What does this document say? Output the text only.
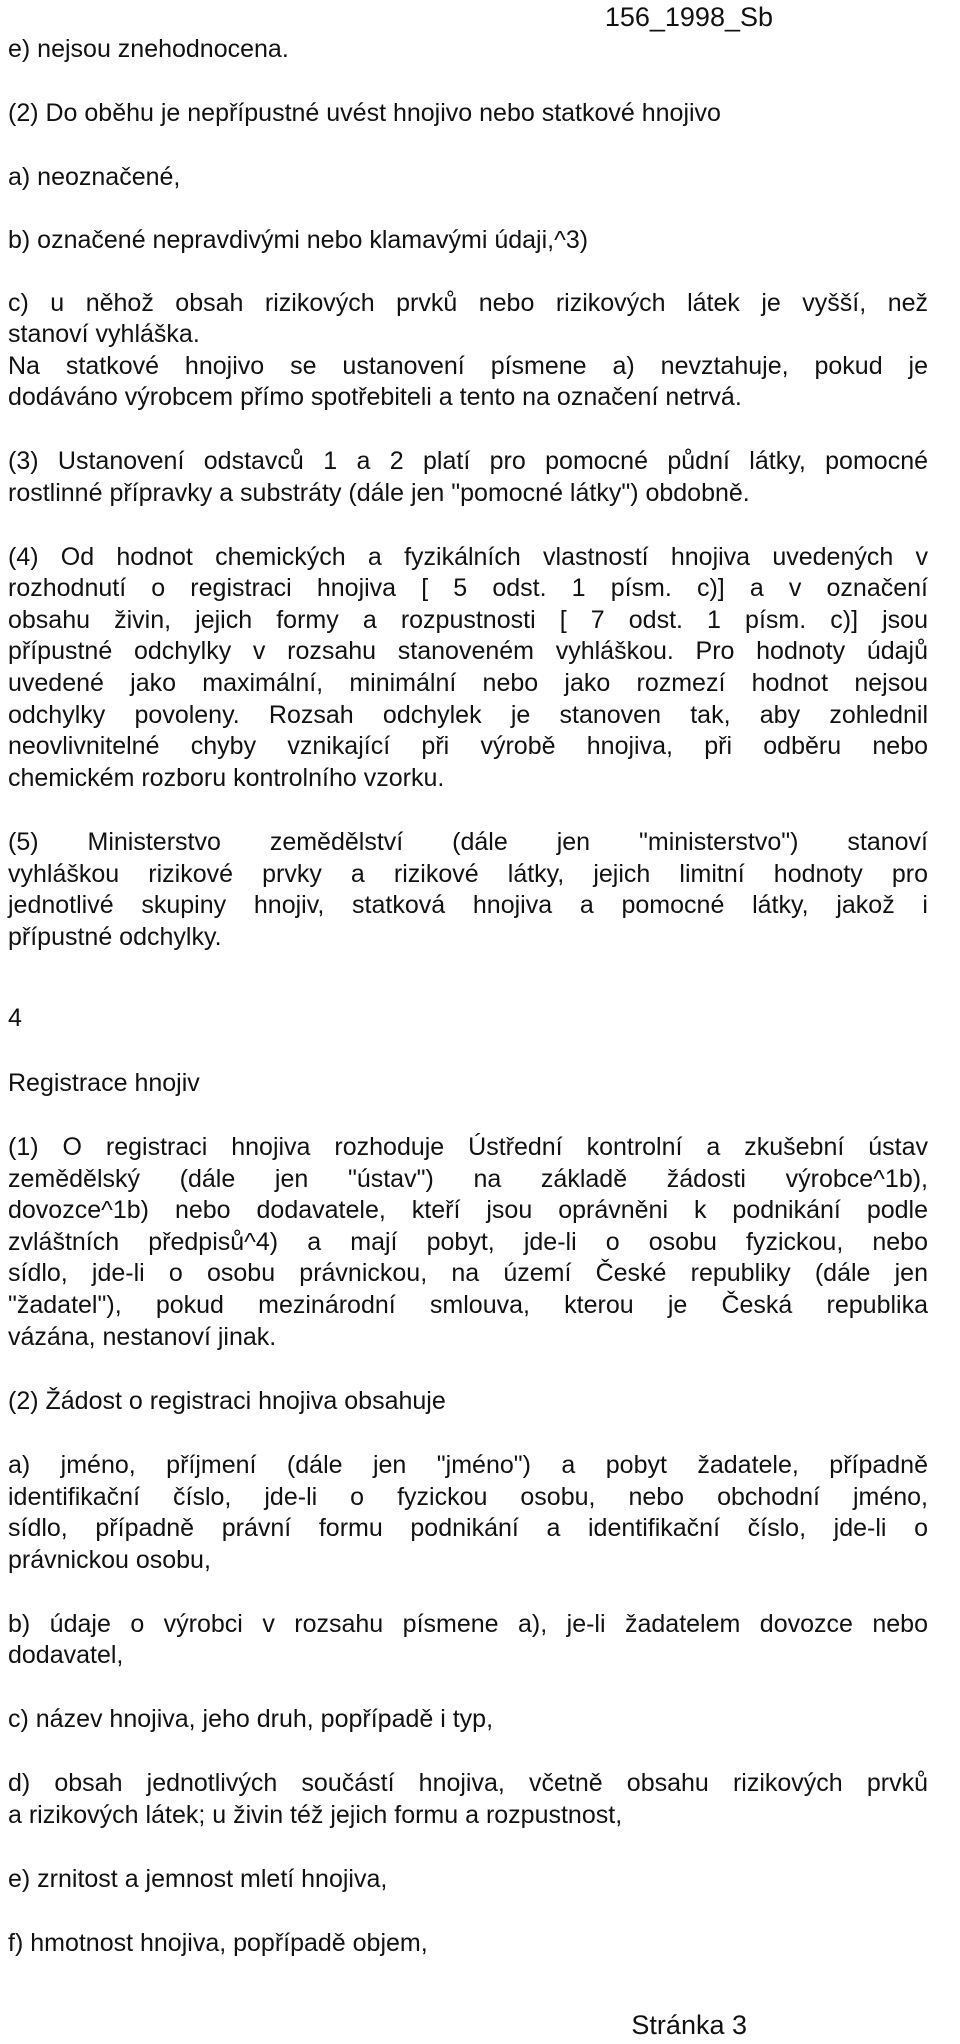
156_1998_Sb
e) nejsou znehodnocena.
(2) Do oběhu je nepřípustné uvést hnojivo nebo statkové hnojivo
a) neoznačené,
b) označené nepravdivými nebo klamavými údaji,^3)
c) u něhož obsah rizikových prvků nebo rizikových látek je vyšší, než
stanoví vyhláška.
Na statkové hnojivo se ustanovení písmene a) nevztahuje, pokud je
dodáváno výrobcem přímo spotřebiteli a tento na označení netrvá.
(3) Ustanovení odstavců 1 a 2 platí pro pomocné půdní látky, pomocné
rostlinné přípravky a substráty (dále jen "pomocné látky") obdobně.
(4) Od hodnot chemických a fyzikálních vlastností hnojiva uvedených v
rozhodnutí o registraci hnojiva [ 5 odst. 1 písm. c)] a v označení
obsahu živin, jejich formy a rozpustnosti [ 7 odst. 1 písm. c)] jsou
přípustné odchylky v rozsahu stanoveném vyhláškou. Pro hodnoty údajů
uvedené jako maximální, minimální nebo jako rozmezí hodnot nejsou
odchylky povoleny. Rozsah odchylek je stanoven tak, aby zohlednil
neovlivnitelné chyby vznikající při výrobě hnojiva, při odběru nebo
chemickém rozboru kontrolního vzorku.
(5) Ministerstvo zemědělství (dále jen "ministerstvo") stanoví
vyhláškou rizikové prvky a rizikové látky, jejich limitní hodnoty pro
jednotlivé skupiny hnojiv, statková hnojiva a pomocné látky, jakož i
přípustné odchylky.
4
Registrace hnojiv
(1) O registraci hnojiva rozhoduje Ústřední kontrolní a zkušební ústav
zemědělský (dále jen "ústav") na základě žádosti výrobce^1b),
dovozce^1b) nebo dodavatele, kteří jsou oprávněni k podnikání podle
zvláštních předpisů^4) a mají pobyt, jde-li o osobu fyzickou, nebo
sídlo, jde-li o osobu právnickou, na území České republiky (dále jen
"žadatel"), pokud mezinárodní smlouva, kterou je Česká republika
vázána, nestanoví jinak.
(2) Žádost o registraci hnojiva obsahuje
a) jméno, příjmení (dále jen "jméno") a pobyt žadatele, případně
identifikační číslo, jde-li o fyzickou osobu, nebo obchodní jméno,
sídlo, případně právní formu podnikání a identifikační číslo, jde-li o
právnickou osobu,
b) údaje o výrobci v rozsahu písmene a), je-li žadatelem dovozce nebo
dodavatel,
c) název hnojiva, jeho druh, popřípadě i typ,
d) obsah jednotlivých součástí hnojiva, včetně obsahu rizikových prvků
a rizikových látek; u živin též jejich formu a rozpustnost,
e) zrnitost a jemnost mletí hnojiva,
f) hmotnost hnojiva, popřípadě objem,
Stránka 3
